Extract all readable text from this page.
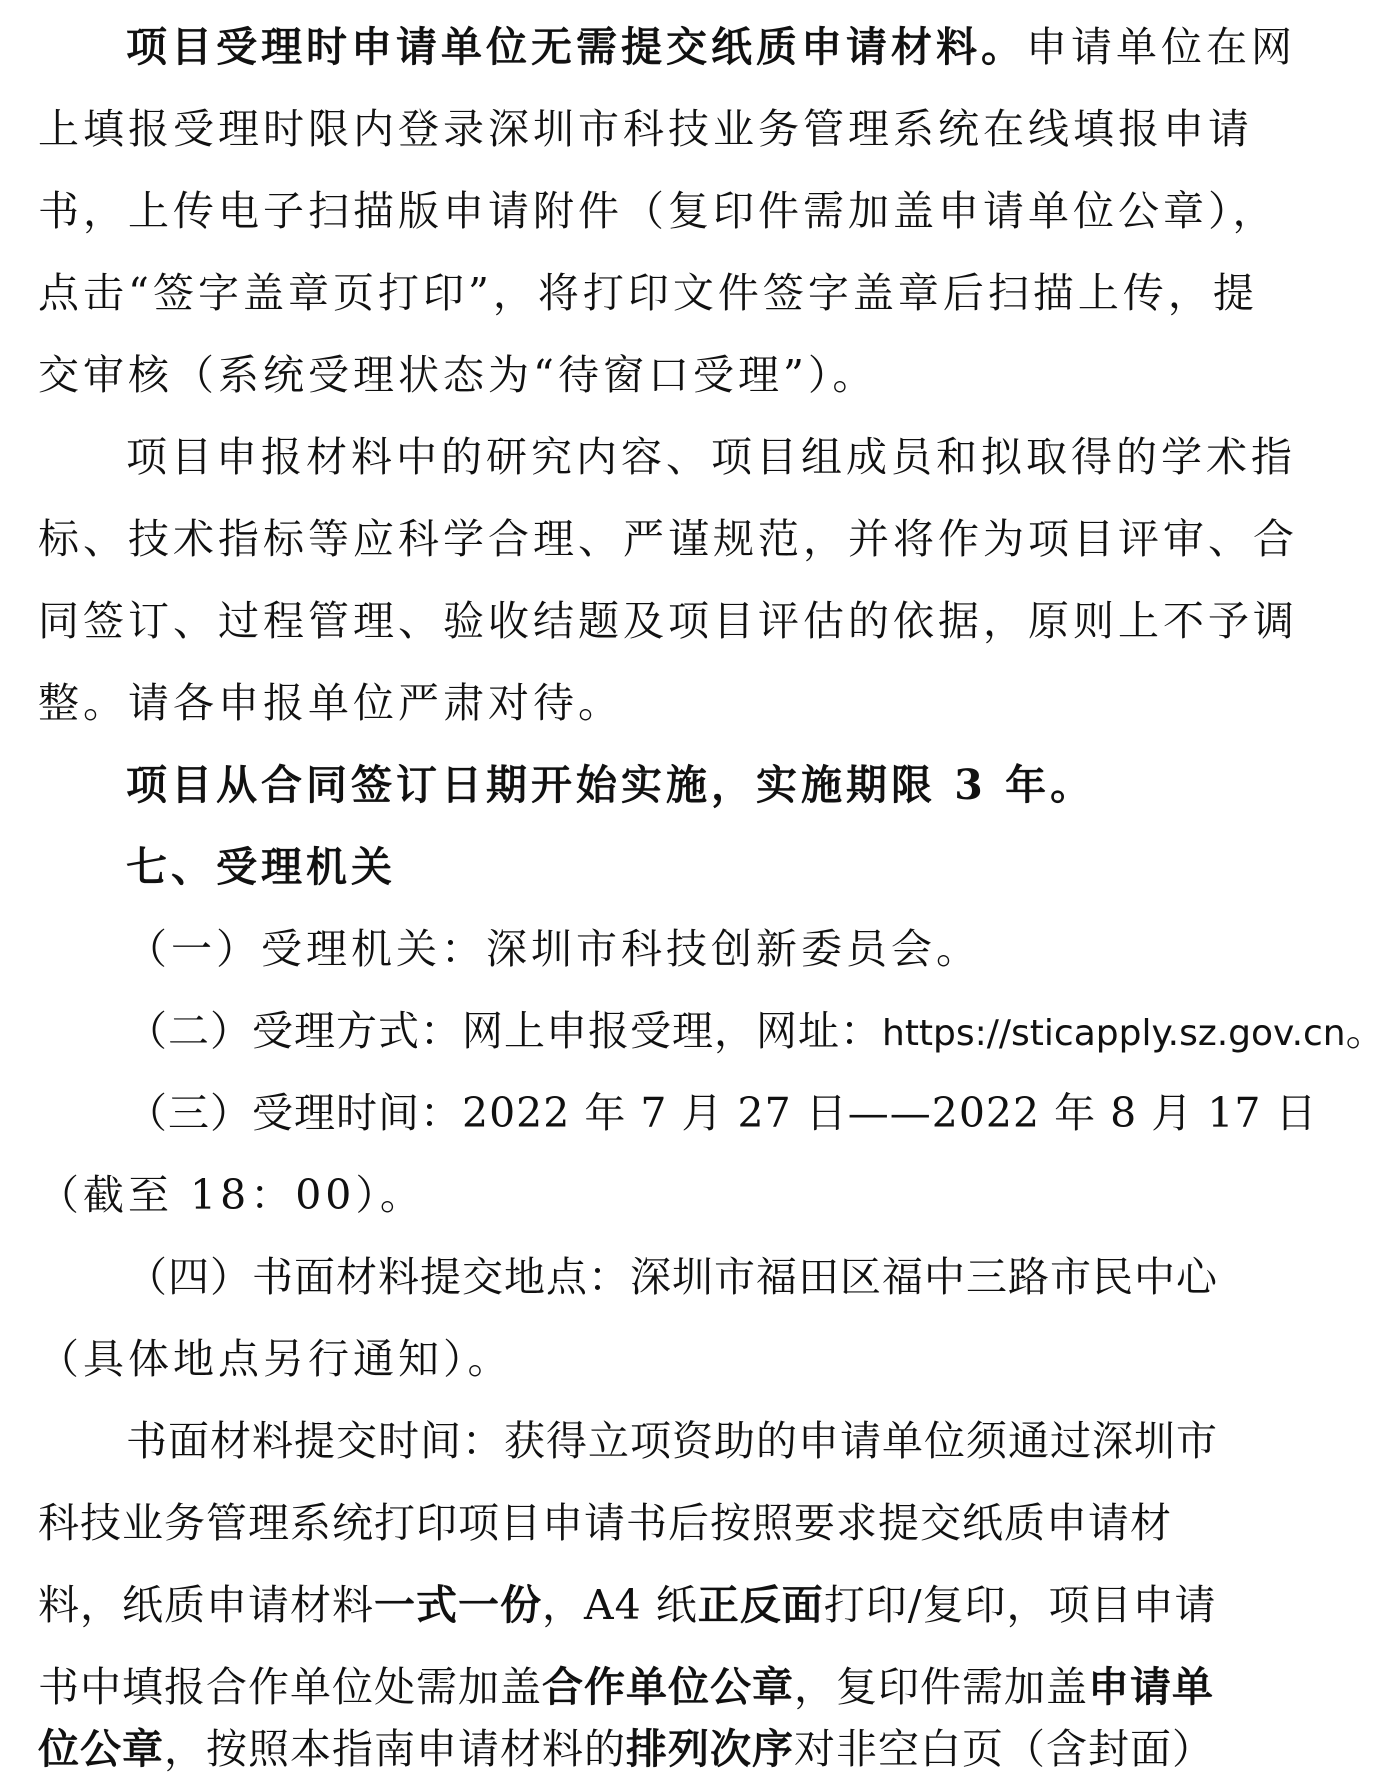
项目受理时申请单位无需提交纸质申请材料。申请单位在网
上填报受理时限内登录深圳市科技业务管理系统在线填报申请
书，上传电子扫描版申请附件（复印件需加盖申请单位公章），
点击“签字盖章页打印”，将打印文件签字盖章后扫描上传，提
交审核（系统受理状态为“待窗口受理”）。
项目申报材料中的研究内容、项目组成员和拟取得的学术指
标、技术指标等应科学合理、严谨规范，并将作为项目评审、合
同签订、过程管理、验收结题及项目评估的依据，原则上不予调
整。请各申报单位严肃对待。
项目从合同签订日期开始实施，实施期限 3 年。
七、受理机关
（一）受理机关：深圳市科技创新委员会。
（二）受理方式：网上申报受理，网址：https://sticapply.sz.gov.cn。
（三）受理时间：2022 年 7 月 27 日——2022 年 8 月 17 日
（截至 18：00）。
（四）书面材料提交地点：深圳市福田区福中三路市民中心
（具体地点另行通知）。
书面材料提交时间：获得立项资助的申请单位须通过深圳市
科技业务管理系统打印项目申请书后按照要求提交纸质申请材
料，纸质申请材料一式一份，A4 纸正反面打印/复印，项目申请
书中填报合作单位处需加盖合作单位公章，复印件需加盖申请单
位公章，按照本指南申请材料的排列次序对非空白页（含封面）
